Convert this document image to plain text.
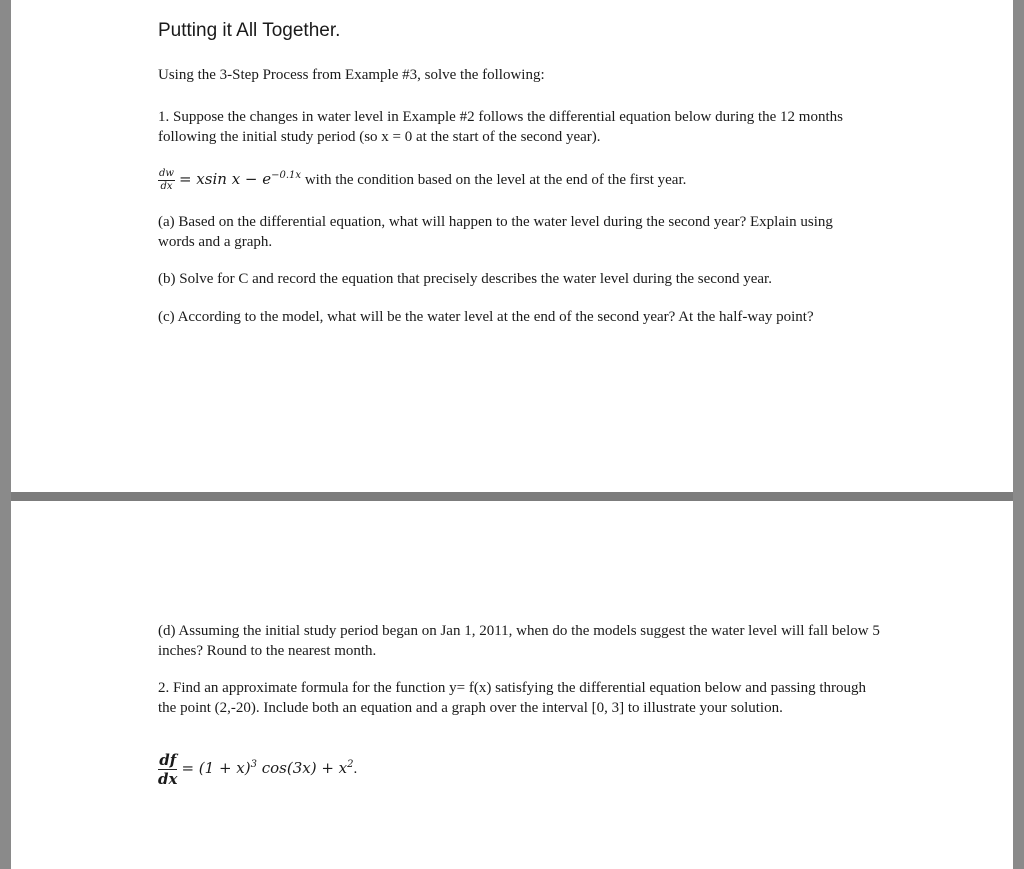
Putting it All Together.
Using the 3-Step Process from Example #3, solve the following:
1. Suppose the changes in water level in Example #2 follows the differential equation below during the 12 months following the initial study period (so x = 0 at the start of the second year).
$\frac{dw}{dx} = xsin$ $x - e^{-0.1x}$ with the condition based on the level at the end of the first year.
(a) Based on the differential equation, what will happen to the water level during the second year? Explain using words and a graph.
(b) Solve for C and record the equation that precisely describes the water level during the second year.
(c) According to the model, what will be the water level at the end of the second year? At the half-way point?
(d) Assuming the initial study period began on Jan 1, 2011, when do the models suggest the water level will fall below 5 inches? Round to the nearest month.
2. Find an approximate formula for the function y= f(x) satisfying the differential equation below and passing through the point (2,-20). Include both an equation and a graph over the interval [0, 3] to illustrate your solution.
$\frac{df}{dx} = (1 + x)^3$ $\cos(3x) + x^2$.
